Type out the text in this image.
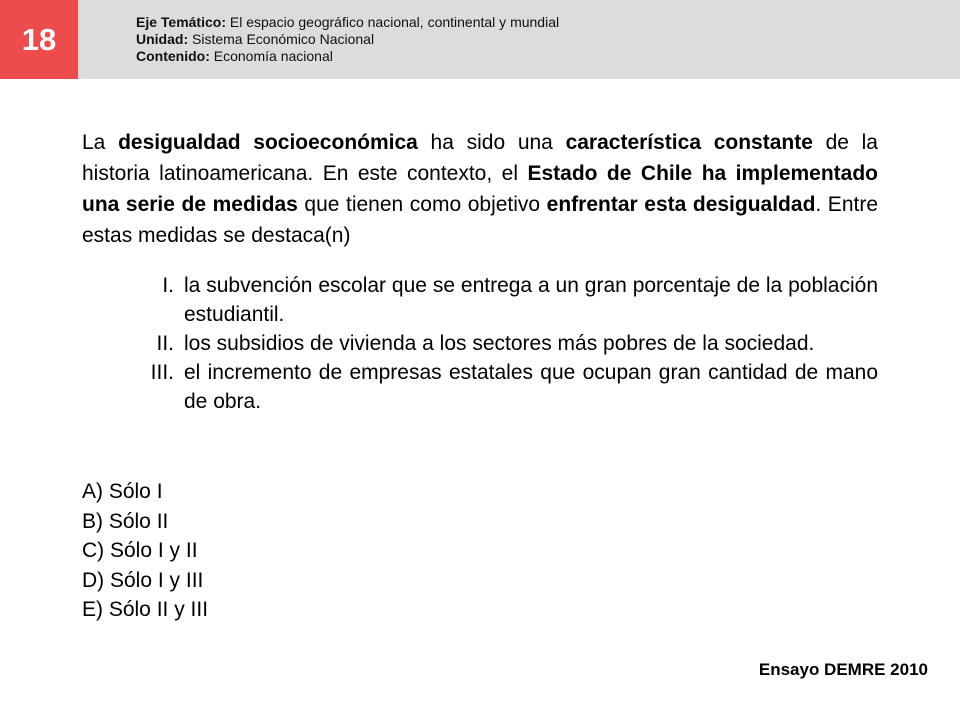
18	Eje Temático: El espacio geográfico nacional, continental y mundial
Unidad: Sistema Económico Nacional
Contenido: Economía nacional
La desigualdad socioeconómica ha sido una característica constante de la historia latinoamericana. En este contexto, el Estado de Chile ha implementado una serie de medidas que tienen como objetivo enfrentar esta desigualdad. Entre estas medidas se destaca(n)
I. la subvención escolar que se entrega a un gran porcentaje de la población estudiantil.
II. los subsidios de vivienda a los sectores más pobres de la sociedad.
III. el incremento de empresas estatales que ocupan gran cantidad de mano de obra.
A) Sólo I
B) Sólo II
C) Sólo I y II
D) Sólo I y III
E) Sólo II y III
Ensayo DEMRE 2010
